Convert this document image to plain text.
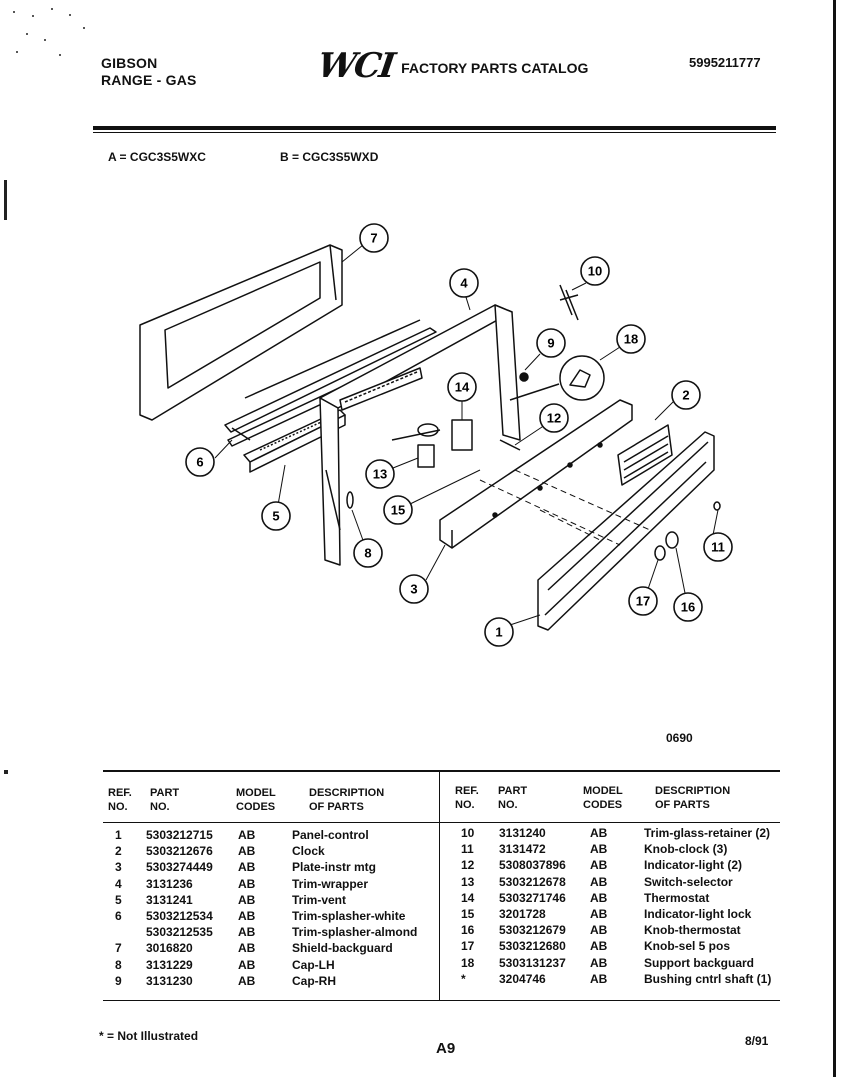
GIBSON
RANGE - GAS	WCI FACTORY PARTS CATALOG	5995211777
A = CGC3S5WXC	B = CGC3S5WXD
1
2
3
4
5
6
7
8
9
10
11
12
13
14
15
16
17
18
0690
REF. NO.
PART NO.
MODEL CODES
DESCRIPTION OF PARTS
REF. NO.
PART NO.
MODEL CODES
DESCRIPTION OF PARTS
1 5303212715 AB	Panel-control
2 5303212676 AB	Clock
3 5303274449 AB	Plate-instr mtg
4 3131236	AB	Trim-wrapper
5 3131241	AB	Trim-vent
6 5303212534 AB	Trim-splasher-white
5303212535 AB	Trim-splasher-almond
7 3016820	AB	Shield-backguard
8 3131229	AB	Cap-LH
9 3131230	AB	Cap-RH
10 3131240	AB	Trim-glass-retainer (2)
11 3131472	AB	Knob-clock (3)
12 5308037896 AB	Indicator-light (2)
13 5303212678 AB	Switch-selector
14 5303271746 AB	Thermostat
15 3201728	AB	Indicator-light lock
16 5303212679 AB	Knob-thermostat
17 5303212680 AB	Knob-sel 5 pos
18 5303131237 AB	Support backguard
*	3204746	AB	Bushing cntrl shaft (1)
* = Not Illustrated
A9	8/91
